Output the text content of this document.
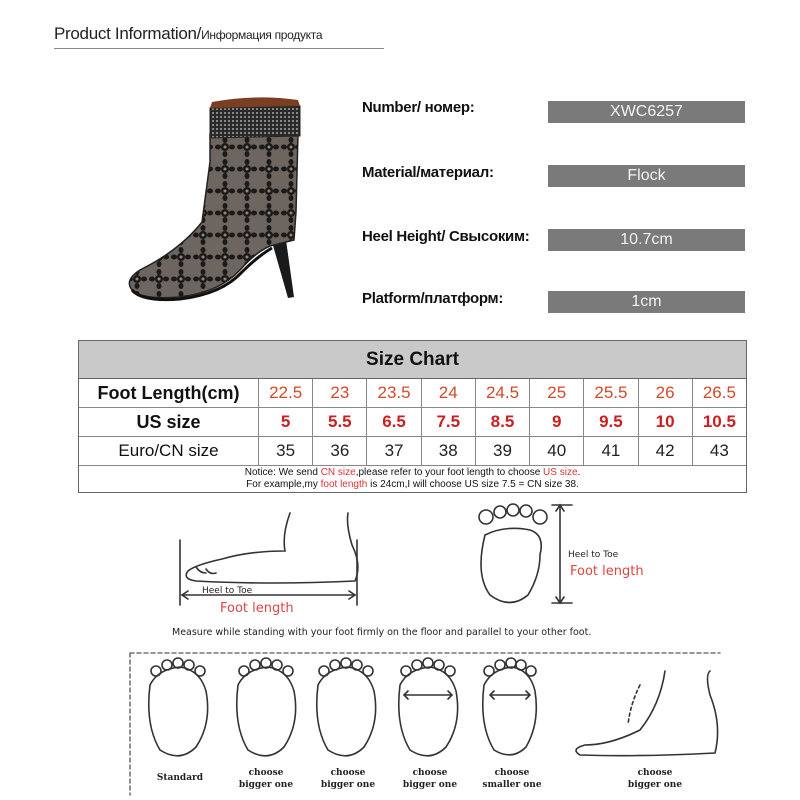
Product Information/Информация продукта
Number/ номер:	XWC6257
Material/материал:	Flock
Heel Height/ Свысоким:	10.7cm
Platform/платформ:	1cm
Size Chart
Foot Length(cm)	22.5	23	23.5	24	24.5	25	25.5	26	26.5
US size	5	5.5	6.5	7.5	8.5	9	9.5	10	10.5
Euro/CN size	35	36	37	38	39	40	41	42	43
Notice: We send CN size,please refer to your foot length to choose US size.
For example,my foot length is 24cm,I will choose US size 7.5 = CN size 38.
Heel to Toe
Heel to Toe
Foot length
Foot length
Measure while standing with your foot firmly on the floor and parallel to your other foot.
Standard	choose
bigger one
choose
bigger one
choose
bigger one
choose
smaller one
choose
bigger one
